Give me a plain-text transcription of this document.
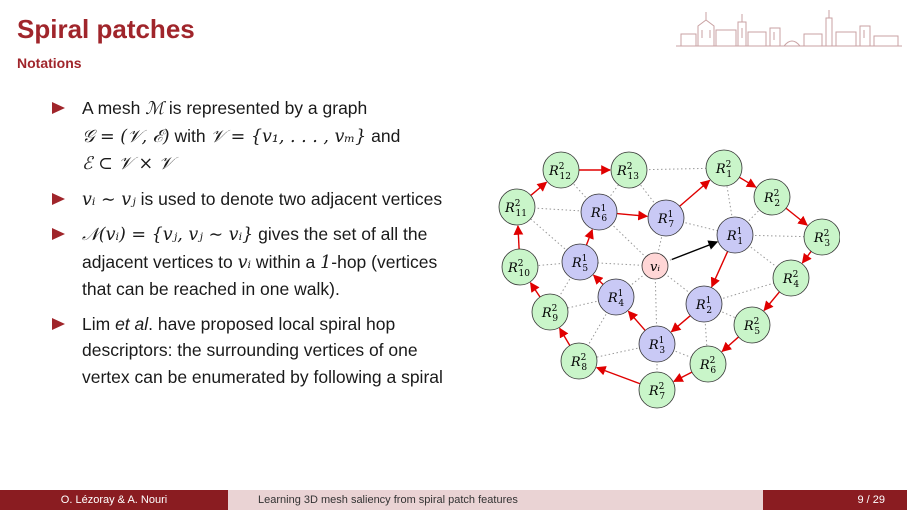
Spiral patches
Notations
A mesh ℳ is represented by a graph
𝒢 = (𝒱, ℰ) with 𝒱 = {v₁, . . . , vₘ} and
ℰ ⊂ 𝒱 × 𝒱
vᵢ ∼ vⱼ is used to denote two adjacent vertices
𝒩(vᵢ) = {vⱼ, vⱼ ∼ vᵢ} gives the set of all the adjacent vertices to vᵢ within a 1-hop (vertices that can be reached in one walk).
Lim et al. have proposed local spiral hop descriptors: the surrounding vertices of one vertex can be enumerated by following a spiral
$R^1$ 1
$R^1$ 2
$R^1$ 3
$R^1$ 4
$R^1$ 5
$R^1$ 6	$R^1$ 7
$R^2$ 1
$R^2$ 2
$R^2$ 3
$R^2$ 4
$R^2$ 5
$R^2$ 6
$R^2$ 7
$R^2$ 8
$R^2$ 9
$R^2$ 10
$R^2$ 11
$R^2$ 12	$R^2$ 13
vᵢ
O. Lézoray & A. Nouri	Learning 3D mesh saliency from spiral patch features	9 / 29
